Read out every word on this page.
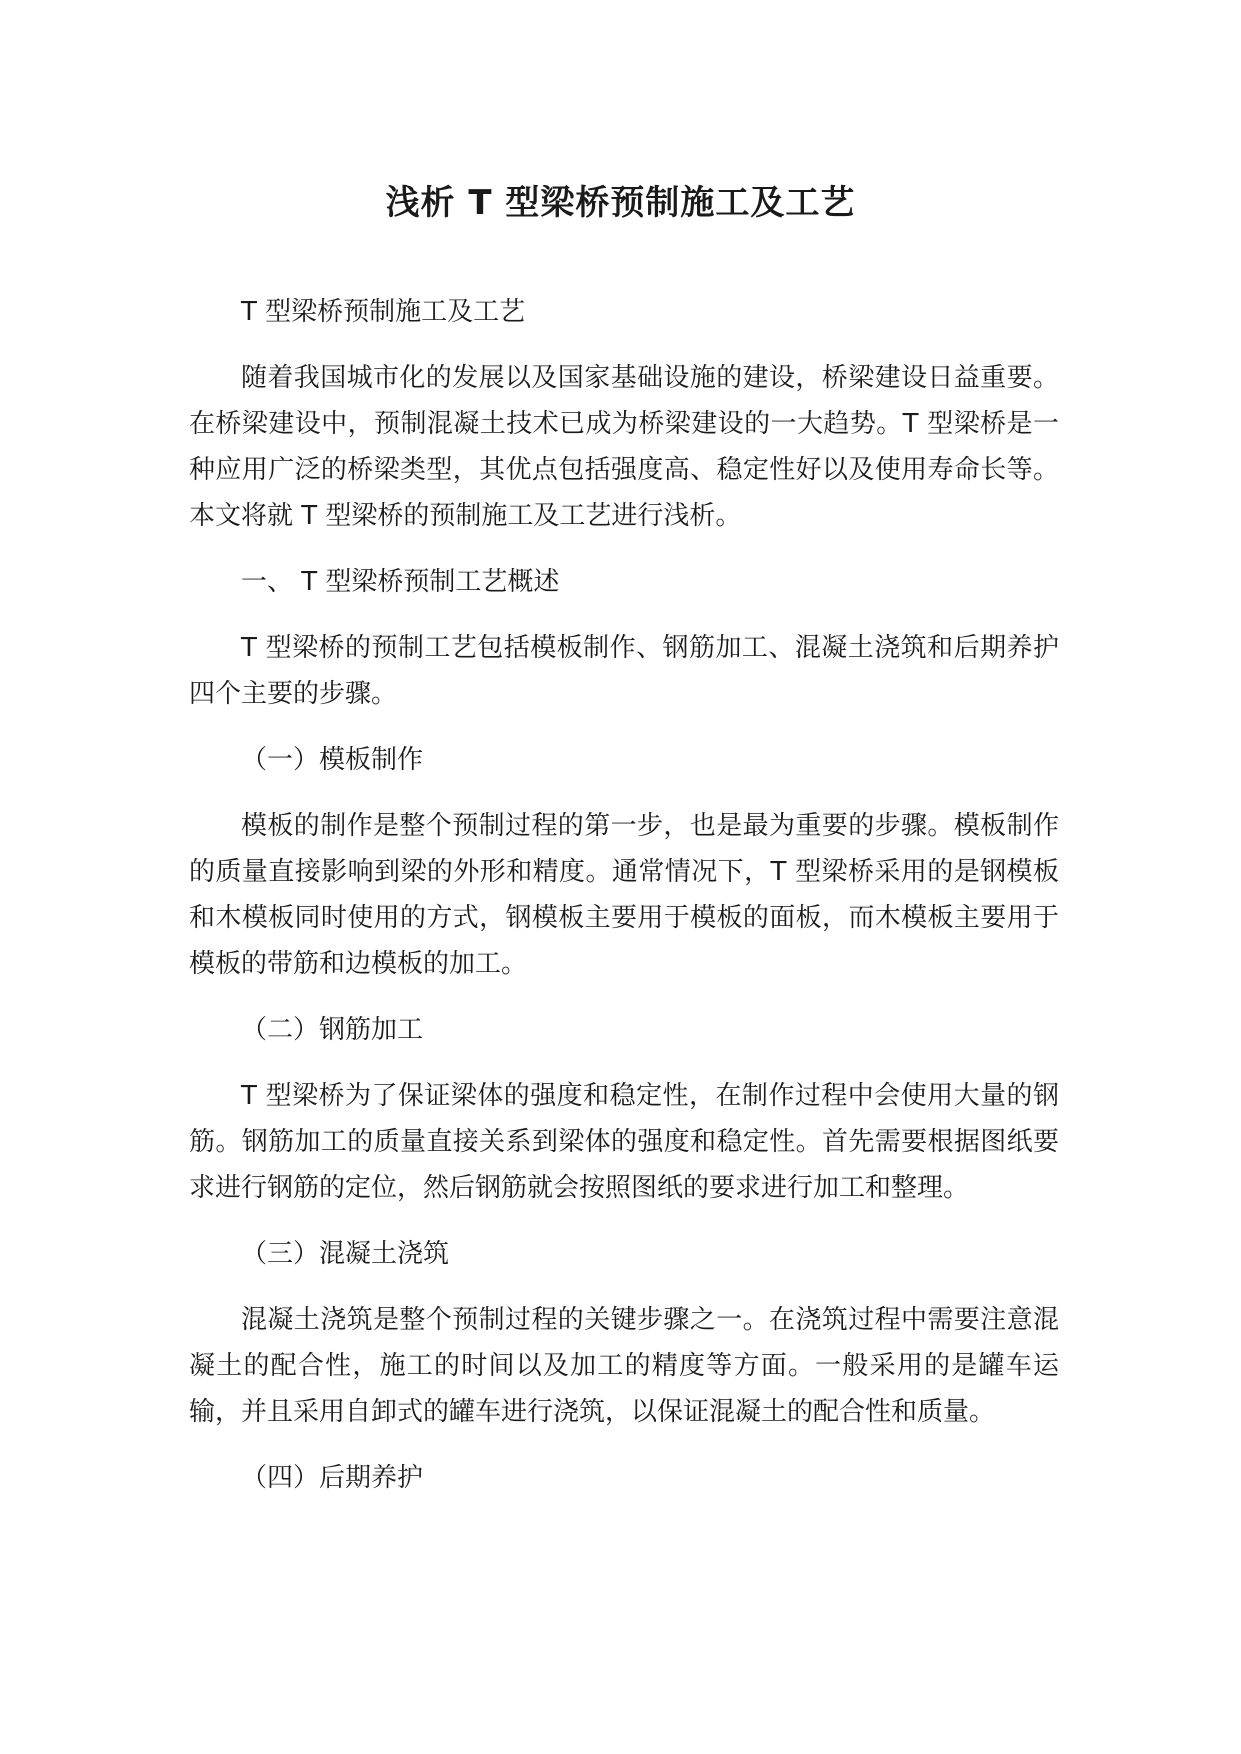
浅析 T 型梁桥预制施工及工艺

T 型梁桥预制施工及工艺

随着我国城市化的发展以及国家基础设施的建设，桥梁建设日益重要。在桥梁建设中，预制混凝土技术已成为桥梁建设的一大趋势。T 型梁桥是一种应用广泛的桥梁类型，其优点包括强度高、稳定性好以及使用寿命长等。本文将就 T 型梁桥的预制施工及工艺进行浅析。

一、 T 型梁桥预制工艺概述

T 型梁桥的预制工艺包括模板制作、钢筋加工、混凝土浇筑和后期养护四个主要的步骤。

（一）模板制作

模板的制作是整个预制过程的第一步，也是最为重要的步骤。模板制作的质量直接影响到梁的外形和精度。通常情况下，T 型梁桥采用的是钢模板和木模板同时使用的方式，钢模板主要用于模板的面板，而木模板主要用于模板的带筋和边模板的加工。

（二）钢筋加工

T 型梁桥为了保证梁体的强度和稳定性，在制作过程中会使用大量的钢筋。钢筋加工的质量直接关系到梁体的强度和稳定性。首先需要根据图纸要求进行钢筋的定位，然后钢筋就会按照图纸的要求进行加工和整理。

（三）混凝土浇筑

混凝土浇筑是整个预制过程的关键步骤之一。在浇筑过程中需要注意混凝土的配合性，施工的时间以及加工的精度等方面。一般采用的是罐车运输，并且采用自卸式的罐车进行浇筑，以保证混凝土的配合性和质量。

（四）后期养护
